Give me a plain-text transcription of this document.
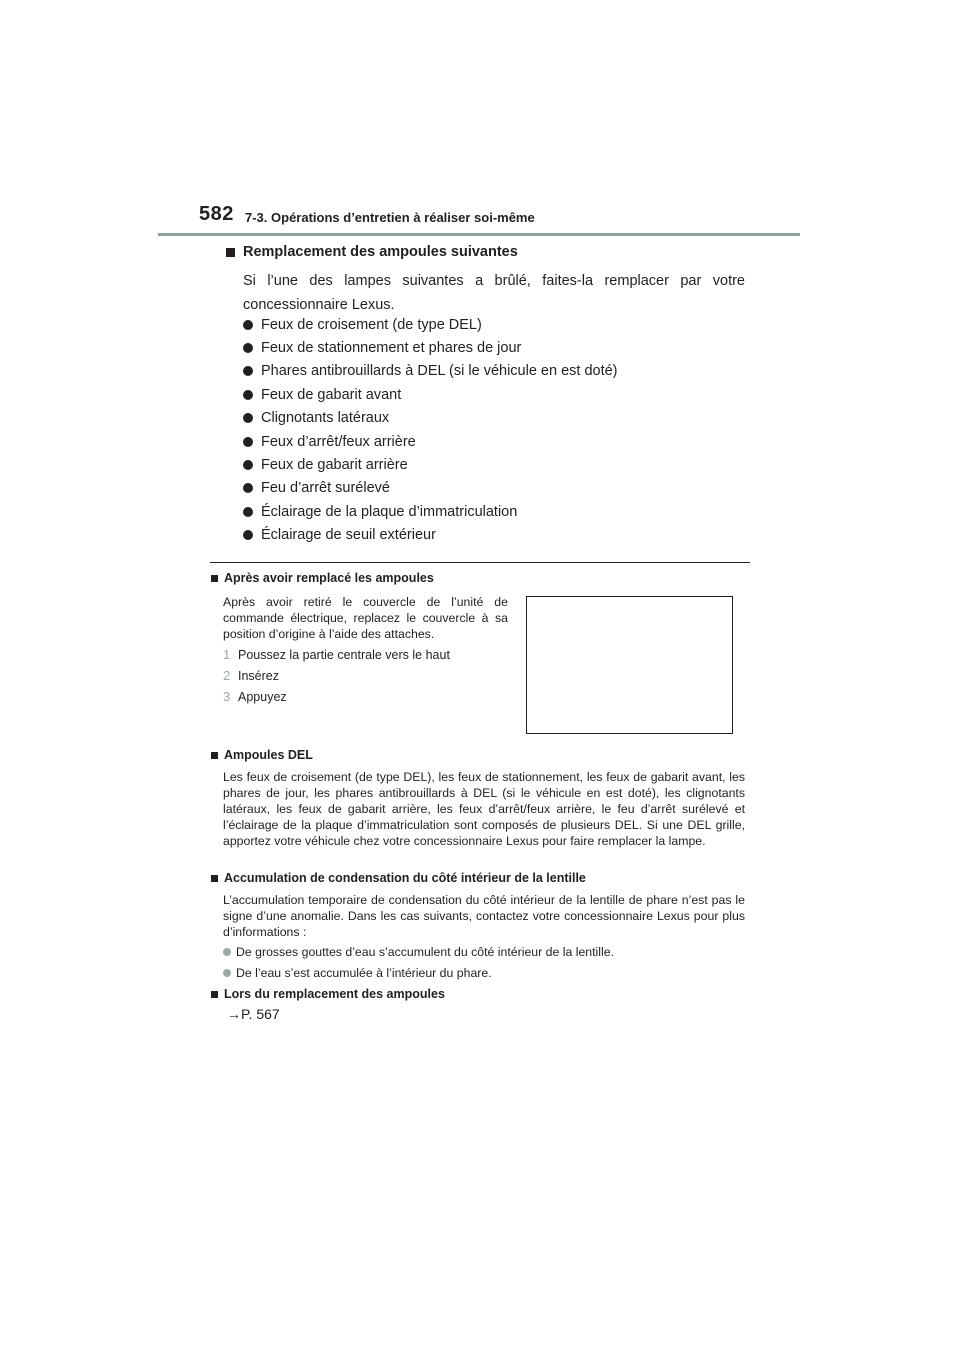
582 7-3. Opérations d’entretien à réaliser soi-même
Remplacement des ampoules suivantes
Si l’une des lampes suivantes a brûlé, faites-la remplacer par votre concessionnaire Lexus.
Feux de croisement (de type DEL)
Feux de stationnement et phares de jour
Phares antibrouillards à DEL (si le véhicule en est doté)
Feux de gabarit avant
Clignotants latéraux
Feux d’arrêt/feux arrière
Feux de gabarit arrière
Feu d’arrêt surélevé
Éclairage de la plaque d’immatriculation
Éclairage de seuil extérieur
Après avoir remplacé les ampoules
Après avoir retiré le couvercle de l’unité de commande électrique, replacez le couvercle à sa position d’origine à l’aide des attaches.
1 Poussez la partie centrale vers le haut
2 Insérez
3 Appuyez
Ampoules DEL
Les feux de croisement (de type DEL), les feux de stationnement, les feux de gabarit avant, les phares de jour, les phares antibrouillards à DEL (si le véhicule en est doté), les clignotants latéraux, les feux de gabarit arrière, les feux d’arrêt/feux arrière, le feu d’arrêt surélevé et l’éclairage de la plaque d’immatriculation sont composés de plusieurs DEL. Si une DEL grille, apportez votre véhicule chez votre concessionnaire Lexus pour faire remplacer la lampe.
Accumulation de condensation du côté intérieur de la lentille
L’accumulation temporaire de condensation du côté intérieur de la lentille de phare n’est pas le signe d’une anomalie. Dans les cas suivants, contactez votre concessionnaire Lexus pour plus d’informations :
De grosses gouttes d’eau s’accumulent du côté intérieur de la lentille.
De l’eau s’est accumulée à l’intérieur du phare.
Lors du remplacement des ampoules
→P. 567
